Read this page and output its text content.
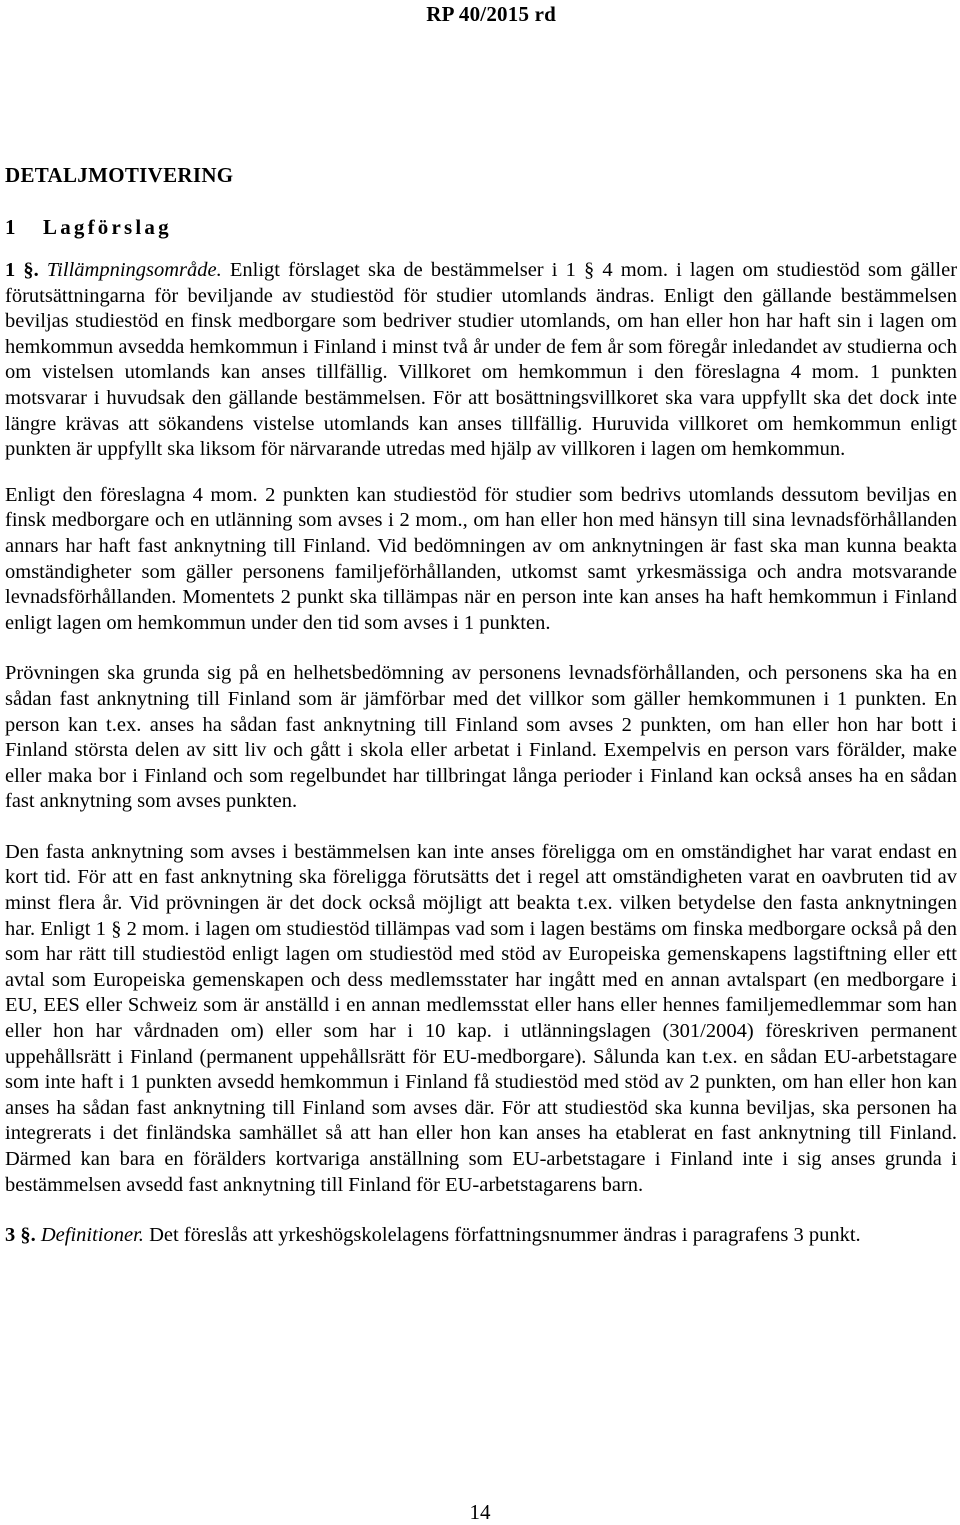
RP 40/2015 rd
DETALJMOTIVERING
1 Lagförslag

1 §. Tillämpningsområde. Enligt förslaget ska de bestämmelser i 1 § 4 mom. i lagen om studiestöd som gäller förutsättningarna för beviljande av studiestöd för studier utomlands ändras. Enligt den gällande bestämmelsen beviljas studiestöd en finsk medborgare som bedriver studier utomlands, om han eller hon har haft sin i lagen om hemkommun avsedda hemkommun i Finland i minst två år under de fem år som föregår inledandet av studierna och om vistelsen utomlands kan anses tillfällig. Villkoret om hemkommun i den föreslagna 4 mom. 1 punkten motsvarar i huvudsak den gällande bestämmelsen. För att bosättningsvillkoret ska vara uppfyllt ska det dock inte längre krävas att sökandens vistelse utomlands kan anses tillfällig. Huruvida villkoret om hemkommun enligt punkten är uppfyllt ska liksom för närvarande utredas med hjälp av villkoren i lagen om hemkommun.

Enligt den föreslagna 4 mom. 2 punkten kan studiestöd för studier som bedrivs utomlands dessutom beviljas en finsk medborgare och en utlänning som avses i 2 mom., om han eller hon med hänsyn till sina levnadsförhållanden annars har haft fast anknytning till Finland. Vid bedömningen av om anknytningen är fast ska man kunna beakta omständigheter som gäller personens familjeförhållanden, utkomst samt yrkesmässiga och andra motsvarande levnadsförhållanden. Momentets 2 punkt ska tillämpas när en person inte kan anses ha haft hemkommun i Finland enligt lagen om hemkommun under den tid som avses i 1 punkten.

Prövningen ska grunda sig på en helhetsbedömning av personens levnadsförhållanden, och personens ska ha en sådan fast anknytning till Finland som är jämförbar med det villkor som gäller hemkommunen i 1 punkten. En person kan t.ex. anses ha sådan fast anknytning till Finland som avses 2 punkten, om han eller hon har bott i Finland största delen av sitt liv och gått i skola eller arbetat i Finland. Exempelvis en person vars förälder, make eller maka bor i Finland och som regelbundet har tillbringat långa perioder i Finland kan också anses ha en sådan fast anknytning som avses punkten.

Den fasta anknytning som avses i bestämmelsen kan inte anses föreligga om en omständighet har varat endast en kort tid. För att en fast anknytning ska föreligga förutsätts det i regel att omständigheten varat en oavbruten tid av minst flera år. Vid prövningen är det dock också möjligt att beakta t.ex. vilken betydelse den fasta anknytningen har. Enligt 1 § 2 mom. i lagen om studiestöd tillämpas vad som i lagen bestäms om finska medborgare också på den som har rätt till studiestöd enligt lagen om studiestöd med stöd av Europeiska gemenskapens lagstiftning eller ett avtal som Europeiska gemenskapen och dess medlemsstater har ingått med en annan avtalspart (en medborgare i EU, EES eller Schweiz som är anställd i en annan medlemsstat eller hans eller hennes familjemedlemmar som han eller hon har vårdnaden om) eller som har i 10 kap. i utlänningslagen (301/2004) föreskriven permanent uppehållsrätt i Finland (permanent uppehållsrätt för EU-medborgare). Sålunda kan t.ex. en sådan EU-arbetstagare som inte haft i 1 punkten avsedd hemkommun i Finland få studiestöd med stöd av 2 punkten, om han eller hon kan anses ha sådan fast anknytning till Finland som avses där. För att studiestöd ska kunna beviljas, ska personen ha integrerats i det finländska samhället så att han eller hon kan anses ha etablerat en fast anknytning till Finland. Därmed kan bara en förälders kortvariga anställning som EU-arbetstagare i Finland inte i sig anses grunda i bestämmelsen avsedd fast anknytning till Finland för EU-arbetstagarens barn.

3 §. Definitioner. Det föreslås att yrkeshögskolelagens författningsnummer ändras i paragrafens 3 punkt.

14
